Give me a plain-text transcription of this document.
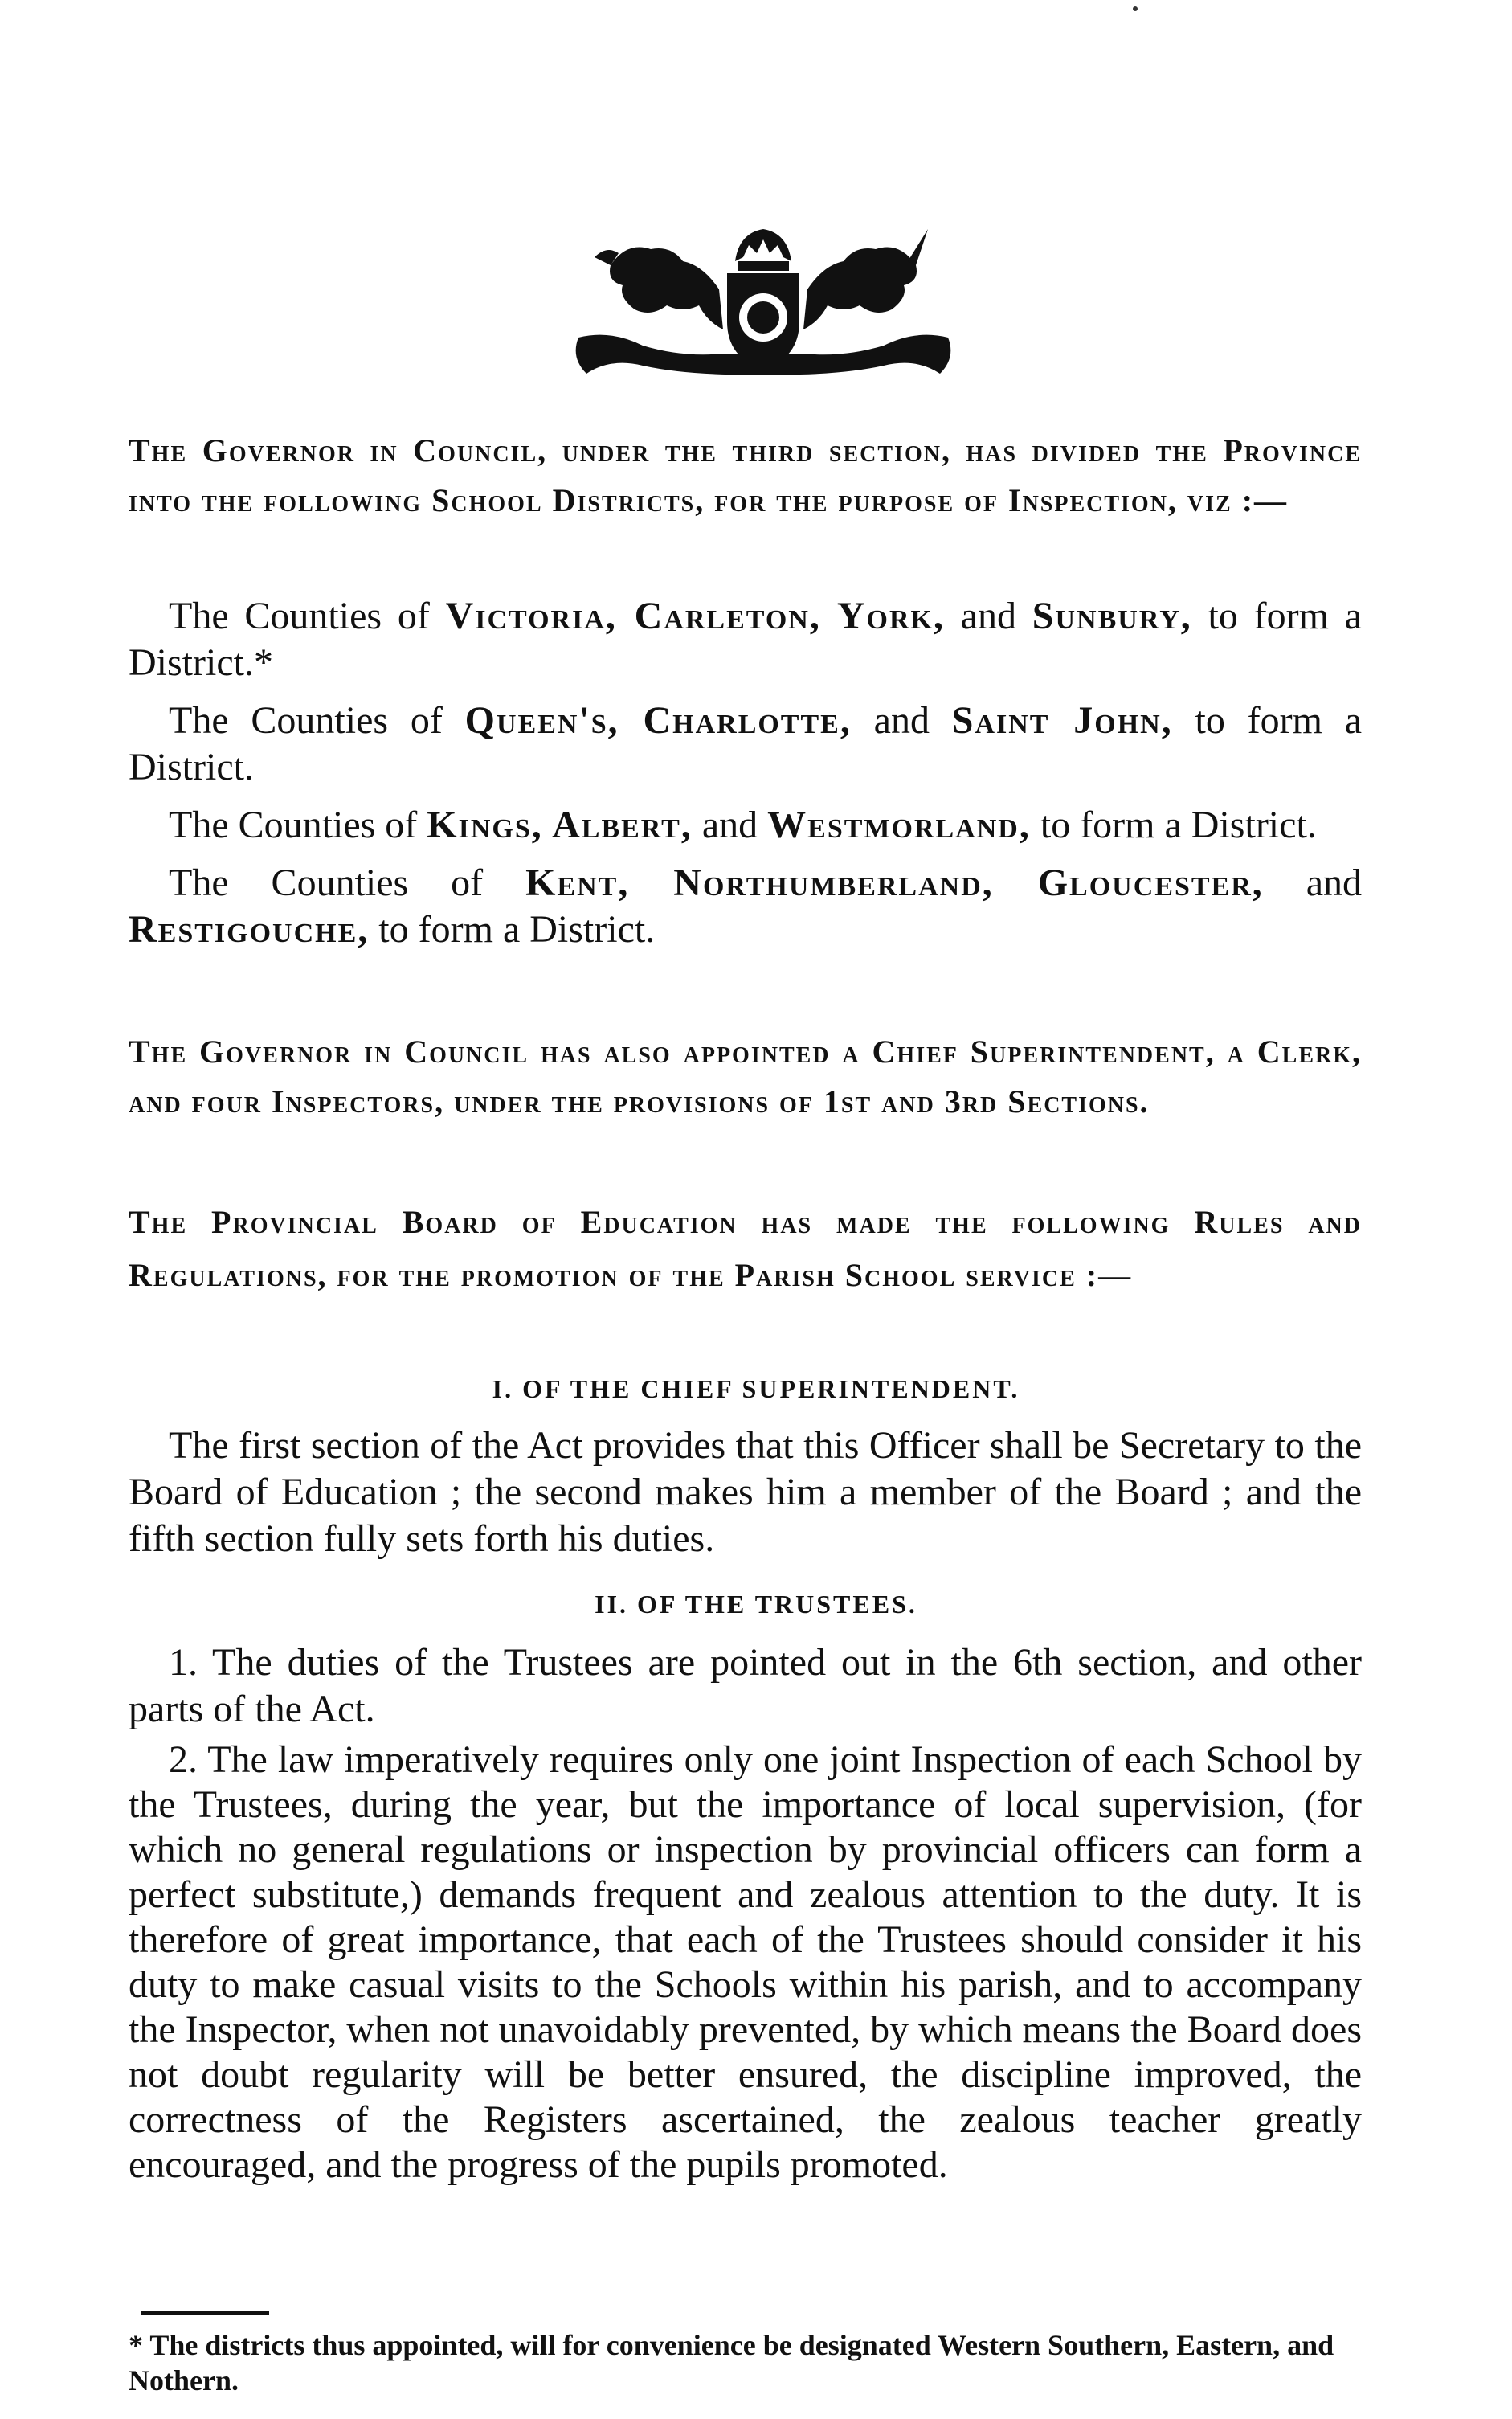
The Governor in Council, under the third section, has divided the Province into the following School Districts, for the purpose of Inspection, viz :—

The Counties of Victoria, Carleton, York, and Sunbury, to form a District.*

The Counties of Queen's, Charlotte, and Saint John, to form a District.

The Counties of Kings, Albert, and Westmorland, to form a District.

The Counties of Kent, Northumberland, Gloucester, and Restigouche, to form a District.

The Governor in Council has also appointed a Chief Superintendent, a Clerk, and four Inspectors, under the provisions of 1st and 3rd Sections.

The Provincial Board of Education has made the following Rules and Regulations, for the promotion of the Parish School service :—

I. OF THE CHIEF SUPERINTENDENT.

The first section of the Act provides that this Officer shall be Secretary to the Board of Education ; the second makes him a member of the Board ; and the fifth section fully sets forth his duties.

II. OF THE TRUSTEES.

1. The duties of the Trustees are pointed out in the 6th section, and other parts of the Act.

2. The law imperatively requires only one joint Inspection of each School by the Trustees, during the year, but the importance of local supervision, (for which no general regulations or inspection by provincial officers can form a perfect substitute,) demands frequent and zealous attention to the duty. It is therefore of great importance, that each of the Trustees should consider it his duty to make casual visits to the Schools within his parish, and to accompany the Inspector, when not unavoidably prevented, by which means the Board does not doubt regularity will be better ensured, the discipline improved, the correctness of the Registers ascertained, the zealous teacher greatly encouraged, and the progress of the pupils promoted.

* The districts thus appointed, will for convenience be designated Western Southern, Eastern, and Nothern.
